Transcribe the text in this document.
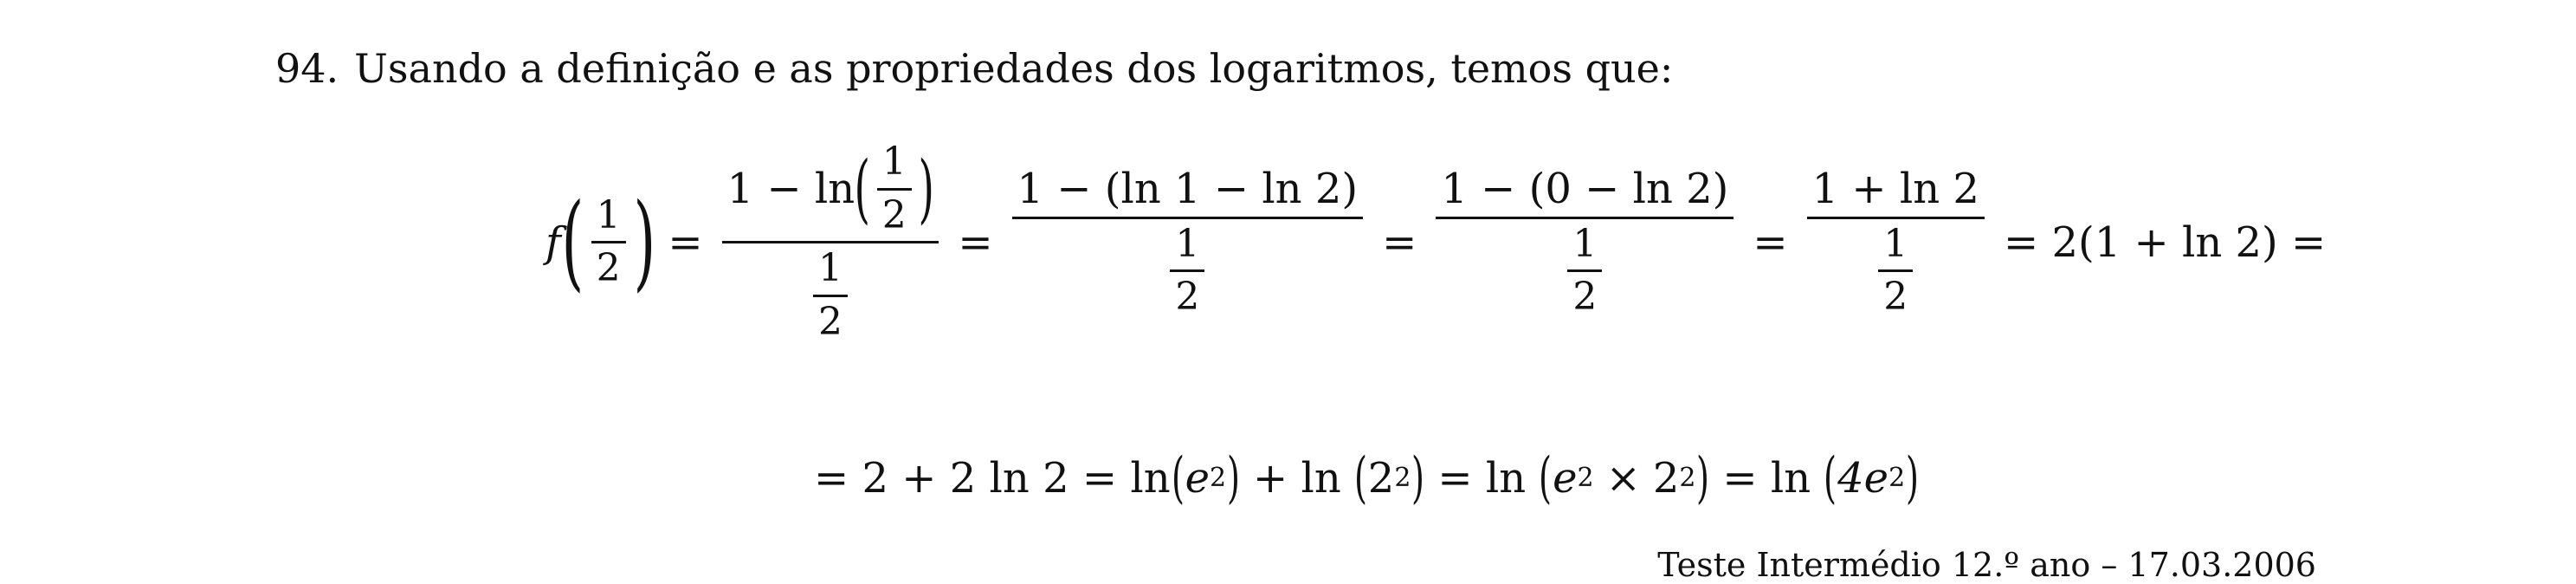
94. Usando a definição e as propriedades dos logaritmos, temos que:
f ( $\frac{1}{2}$ ) =
1 − ln ( $\frac{1}{2}$ )
$\frac{1}{2}$
= $\frac{1 - (\ln 1 - \ln 2)}{\frac{1}{2}} = \frac{1 - (0 - \ln 2)}{\frac{1}{2}} = \frac{1 + \ln 2}{\frac{1}{2}} = 2(1 + \ln 2)$ =
= 2 + 2 ln 2 = ln ( e 2 ) + ln ( 2 2 ) = ln ( e 2 × 2 2 ) = ln ( 4e 2 )
Teste Intermédio 12.º ano – 17.03.2006
